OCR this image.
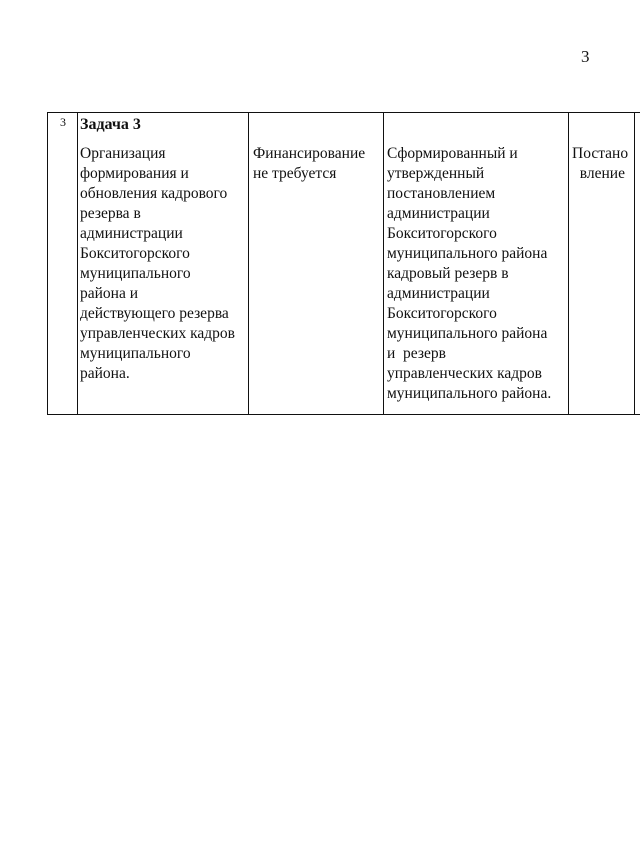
3
3 Задача 3
Организация
формирования и
обновления кадрового
резерва в
администрации
Бокситогорского
муниципального
района и
действующего резерва
управленческих кадров
муниципального
района.
Финансирование
не требуется
Сформированный и
утвержденный
постановлением
администрации
Бокситогорского
муниципального района
кадровый резерв в
администрации
Бокситогорского
муниципального района
и  резерв
управленческих кадров
муниципального района.
Постано
вление
